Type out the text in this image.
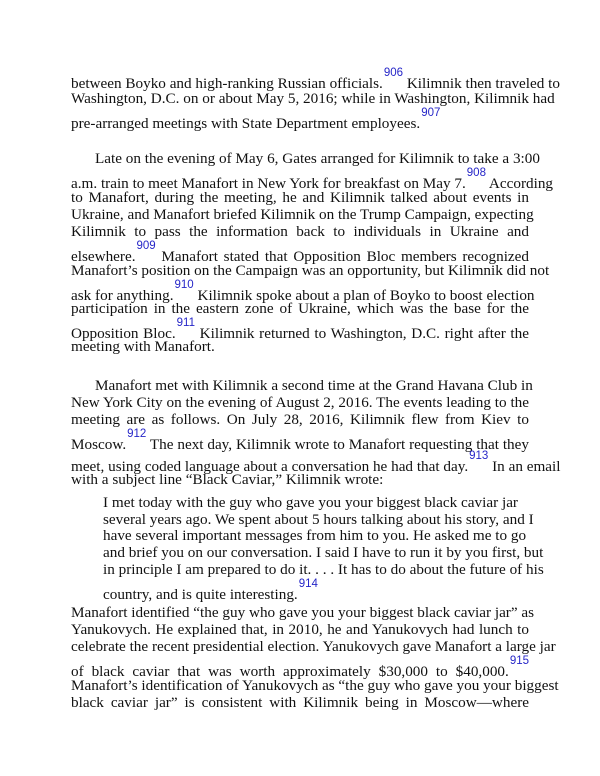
between Boyko and high-ranking Russian officials.$^{906}$ Kilimnik then traveled to
Washington, D.C. on or about May 5, 2016; while in Washington, Kilimnik had
pre-arranged meetings with State Department employees.$^{907}$
Late on the evening of May 6, Gates arranged for Kilimnik to take a 3:00
a.m. train to meet Manafort in New York for breakfast on May 7.$^{908}$ According
to Manafort, during the meeting, he and Kilimnik talked about events in
Ukraine, and Manafort briefed Kilimnik on the Trump Campaign, expecting
Kilimnik to pass the information back to individuals in Ukraine and
elsewhere.$^{909}$ Manafort stated that Opposition Bloc members recognized
Manafort’s position on the Campaign was an opportunity, but Kilimnik did not
ask for anything.$^{910}$ Kilimnik spoke about a plan of Boyko to boost election
participation in the eastern zone of Ukraine, which was the base for the
Opposition Bloc.$^{911}$ Kilimnik returned to Washington, D.C. right after the
meeting with Manafort.
Manafort met with Kilimnik a second time at the Grand Havana Club in
New York City on the evening of August 2, 2016. The events leading to the
meeting are as follows. On July 28, 2016, Kilimnik flew from Kiev to
Moscow.$^{912}$ The next day, Kilimnik wrote to Manafort requesting that they
meet, using coded language about a conversation he had that day.$^{913}$ In an email
with a subject line “Black Caviar,” Kilimnik wrote:
I met today with the guy who gave you your biggest black caviar jar
several years ago. We spent about 5 hours talking about his story, and I
have several important messages from him to you. He asked me to go
and brief you on our conversation. I said I have to run it by you first, but
in principle I am prepared to do it. . . . It has to do about the future of his
country, and is quite interesting.$^{914}$
Manafort identified “the guy who gave you your biggest black caviar jar” as
Yanukovych. He explained that, in 2010, he and Yanukovych had lunch to
celebrate the recent presidential election. Yanukovych gave Manafort a large jar
of black caviar that was worth approximately $30,000 to $40,000.$^{915}$
Manafort’s identification of Yanukovych as “the guy who gave you your biggest
black caviar jar” is consistent with Kilimnik being in Moscow—where
